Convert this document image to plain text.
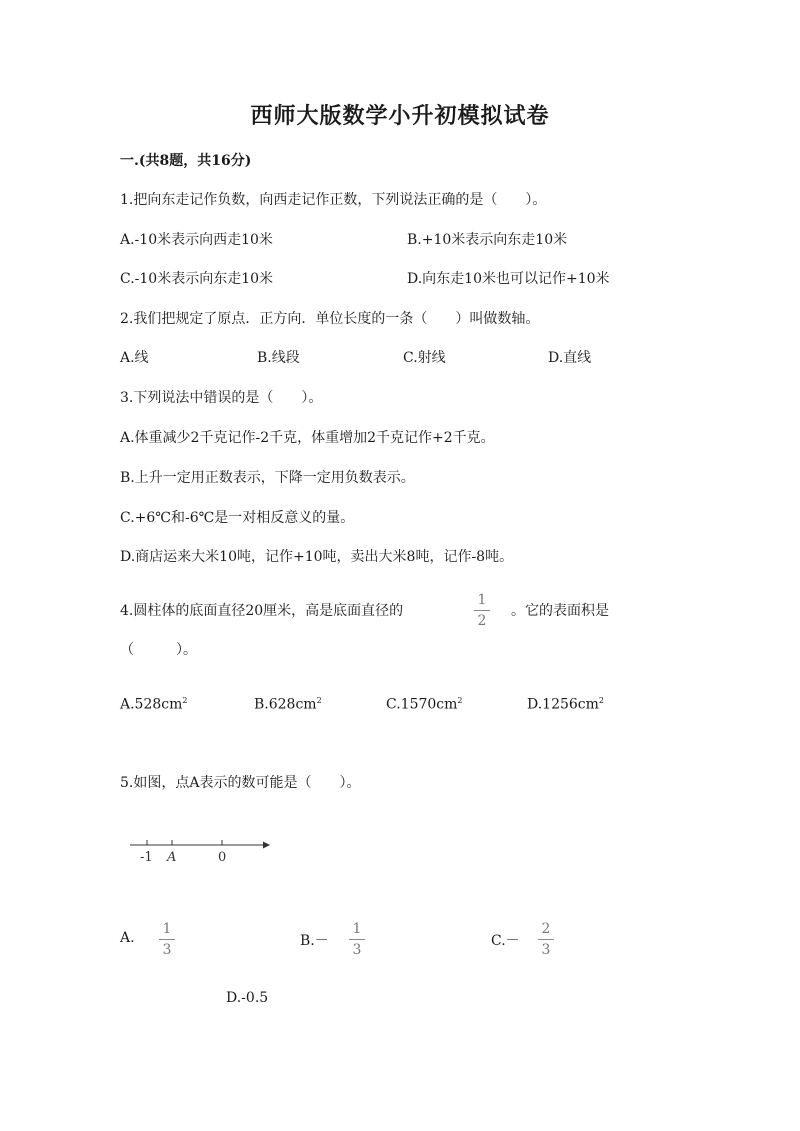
西师大版数学小升初模拟试卷
一.(共8题，共16分)
1.把向东走记作负数，向西走记作正数，下列说法正确的是（　　）。
A.-10米表示向西走10米	B.+10米表示向东走10米
C.-10米表示向东走10米	D.向东走10米也可以记作+10米
2.我们把规定了原点．正方向．单位长度的一条（　　）叫做数轴。
A.线	B.线段	C.射线	D.直线
3.下列说法中错误的是（　　）。
A.体重减少2千克记作-2千克，体重增加2千克记作+2千克。
B.上升一定用正数表示，下降一定用负数表示。
C.+6℃和-6℃是一对相反意义的量。
D.商店运来大米10吨，记作+10吨，卖出大米8吨，记作-8吨。
4.圆柱体的底面直径20厘米，高是底面直径的
1
2
。它的表面积是
（　　　）。
$A.528cm^2$	$B.628cm^2$	$C.1570cm^2$	$D.1256cm^2$
5.如图，点A表示的数可能是（　　）。
-1 A	0
A.
1
3
B.－
1
3
C.－
2
3
D.-0.5
